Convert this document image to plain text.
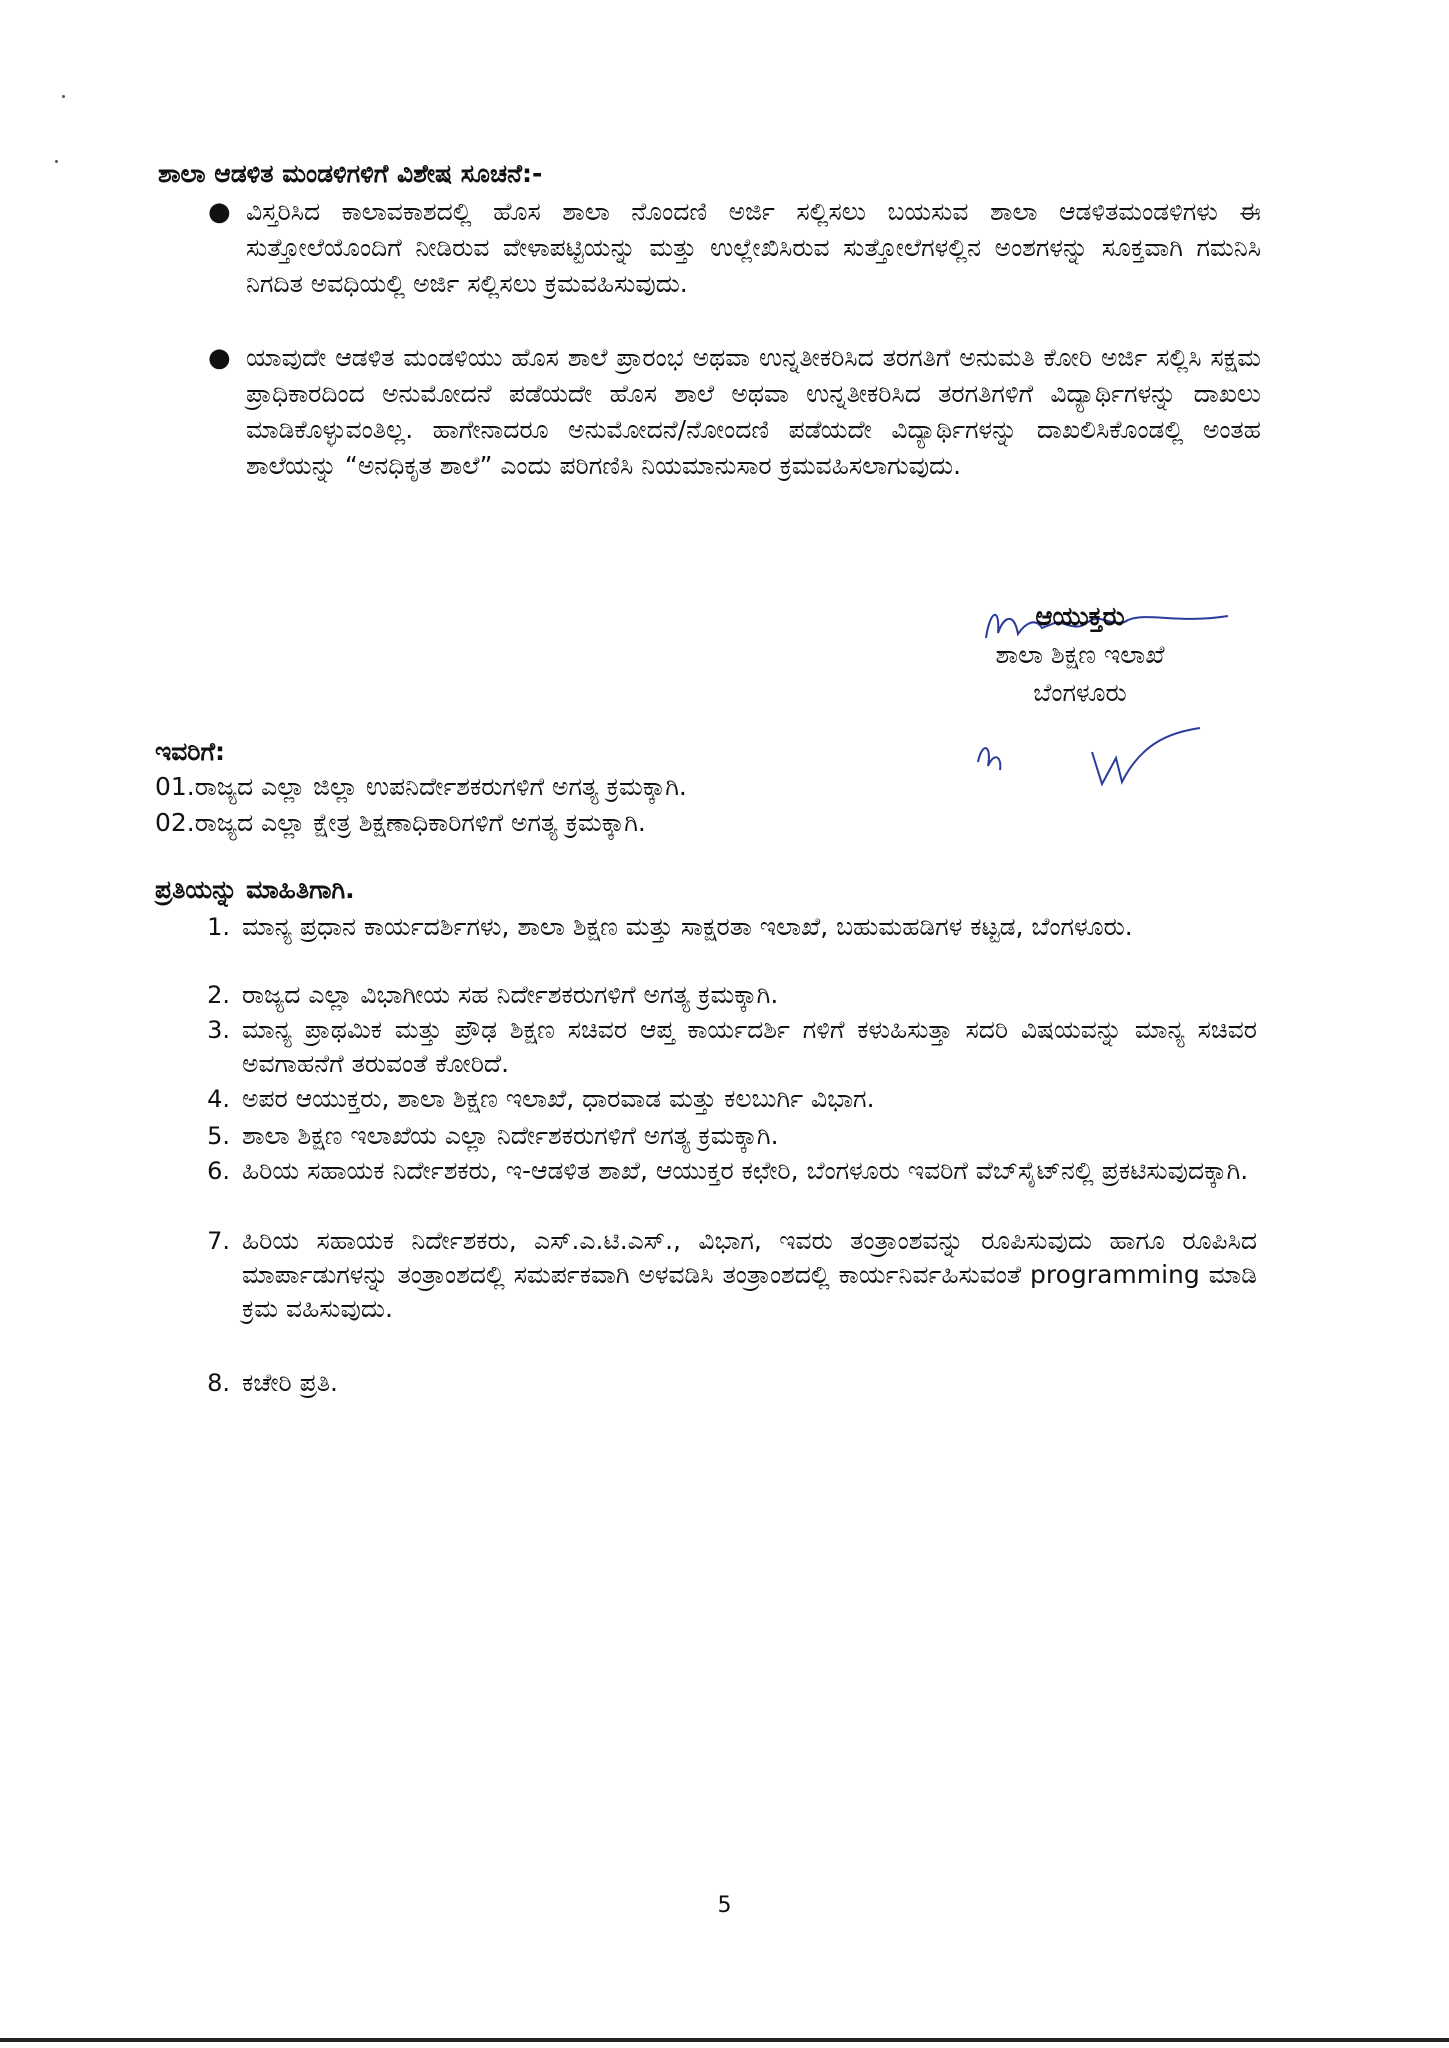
ಶಾಲಾ ಆಡಳಿತ ಮಂಡಳಿಗಳಿಗೆ ವಿಶೇಷ ಸೂಚನೆ:-
● ವಿಸ್ತರಿಸಿದ ಕಾಲಾವಕಾಶದಲ್ಲಿ ಹೊಸ ಶಾಲಾ ನೊಂದಣಿ ಅರ್ಜಿ ಸಲ್ಲಿಸಲು ಬಯಸುವ ಶಾಲಾ ಆಡಳಿತಮಂಡಳಿಗಳು ಈ ಸುತ್ತೋಲೆಯೊಂದಿಗೆ ನೀಡಿರುವ ವೇಳಾಪಟ್ಟಿಯನ್ನು ಮತ್ತು ಉಲ್ಲೇಖಿಸಿರುವ ಸುತ್ತೋಲೆಗಳಲ್ಲಿನ ಅಂಶಗಳನ್ನು ಸೂಕ್ತವಾಗಿ ಗಮನಿಸಿ ನಿಗದಿತ ಅವಧಿಯಲ್ಲಿ ಅರ್ಜಿ ಸಲ್ಲಿಸಲು ಕ್ರಮವಹಿಸುವುದು.
● ಯಾವುದೇ ಆಡಳಿತ ಮಂಡಳಿಯು ಹೊಸ ಶಾಲೆ ಪ್ರಾರಂಭ ಅಥವಾ ಉನ್ನತೀಕರಿಸಿದ ತರಗತಿಗೆ ಅನುಮತಿ ಕೋರಿ ಅರ್ಜಿ ಸಲ್ಲಿಸಿ ಸಕ್ಷಮ ಪ್ರಾಧಿಕಾರದಿಂದ ಅನುಮೋದನೆ ಪಡೆಯದೇ ಹೊಸ ಶಾಲೆ ಅಥವಾ ಉನ್ನತೀಕರಿಸಿದ ತರಗತಿಗಳಿಗೆ ವಿದ್ಯಾರ್ಥಿಗಳನ್ನು ದಾಖಲು ಮಾಡಿಕೊಳ್ಳುವಂತಿಲ್ಲ. ಹಾಗೇನಾದರೂ ಅನುಮೋದನೆ/ನೋಂದಣಿ ಪಡೆಯದೇ ವಿದ್ಯಾರ್ಥಿಗಳನ್ನು ದಾಖಲಿಸಿಕೊಂಡಲ್ಲಿ ಅಂತಹ ಶಾಲೆಯನ್ನು “ಅನಧಿಕೃತ ಶಾಲೆ” ಎಂದು ಪರಿಗಣಿಸಿ ನಿಯಮಾನುಸಾರ ಕ್ರಮವಹಿಸಲಾಗುವುದು.
ಆಯುಕ್ತರು
ಶಾಲಾ ಶಿಕ್ಷಣ ಇಲಾಖೆ
ಬೆಂಗಳೂರು
ಇವರಿಗೆ:
01.ರಾಜ್ಯದ ಎಲ್ಲಾ ಜಿಲ್ಲಾ ಉಪನಿರ್ದೇಶಕರುಗಳಿಗೆ ಅಗತ್ಯ ಕ್ರಮಕ್ಕಾಗಿ.
02.ರಾಜ್ಯದ ಎಲ್ಲಾ ಕ್ಷೇತ್ರ ಶಿಕ್ಷಣಾಧಿಕಾರಿಗಳಿಗೆ ಅಗತ್ಯ ಕ್ರಮಕ್ಕಾಗಿ.
ಪ್ರತಿಯನ್ನು ಮಾಹಿತಿಗಾಗಿ.
1. ಮಾನ್ಯ ಪ್ರಧಾನ ಕಾರ್ಯದರ್ಶಿಗಳು, ಶಾಲಾ ಶಿಕ್ಷಣ ಮತ್ತು ಸಾಕ್ಷರತಾ ಇಲಾಖೆ, ಬಹುಮಹಡಿಗಳ ಕಟ್ಟಡ, ಬೆಂಗಳೂರು.
2. ರಾಜ್ಯದ ಎಲ್ಲಾ ವಿಭಾಗೀಯ ಸಹ ನಿರ್ದೇಶಕರುಗಳಿಗೆ ಅಗತ್ಯ ಕ್ರಮಕ್ಕಾಗಿ.
3. ಮಾನ್ಯ ಪ್ರಾಥಮಿಕ ಮತ್ತು ಪ್ರೌಢ ಶಿಕ್ಷಣ ಸಚಿವರ ಆಪ್ತ ಕಾರ್ಯದರ್ಶಿ ಗಳಿಗೆ ಕಳುಹಿಸುತ್ತಾ ಸದರಿ ವಿಷಯವನ್ನು ಮಾನ್ಯ ಸಚಿವರ ಅವಗಾಹನೆಗೆ ತರುವಂತೆ ಕೋರಿದೆ.
4. ಅಪರ ಆಯುಕ್ತರು, ಶಾಲಾ ಶಿಕ್ಷಣ ಇಲಾಖೆ, ಧಾರವಾಡ ಮತ್ತು ಕಲಬುರ್ಗಿ ವಿಭಾಗ.
5. ಶಾಲಾ ಶಿಕ್ಷಣ ಇಲಾಖೆಯ ಎಲ್ಲಾ ನಿರ್ದೇಶಕರುಗಳಿಗೆ ಅಗತ್ಯ ಕ್ರಮಕ್ಕಾಗಿ.
6. ಹಿರಿಯ ಸಹಾಯಕ ನಿರ್ದೇಶಕರು, ಇ-ಆಡಳಿತ ಶಾಖೆ, ಆಯುಕ್ತರ ಕಛೇರಿ, ಬೆಂಗಳೂರು ಇವರಿಗೆ ವೆಬ್‌ಸೈಟ್‌ನಲ್ಲಿ ಪ್ರಕಟಿಸುವುದಕ್ಕಾಗಿ.
7. ಹಿರಿಯ ಸಹಾಯಕ ನಿರ್ದೇಶಕರು, ಎಸ್.ಎ.ಟಿ.ಎಸ್., ವಿಭಾಗ, ಇವರು ತಂತ್ರಾಂಶವನ್ನು ರೂಪಿಸುವುದು ಹಾಗೂ ರೂಪಿಸಿದ ಮಾರ್ಪಾಡುಗಳನ್ನು ತಂತ್ರಾಂಶದಲ್ಲಿ ಸಮರ್ಪಕವಾಗಿ ಅಳವಡಿಸಿ ತಂತ್ರಾಂಶದಲ್ಲಿ ಕಾರ್ಯನಿರ್ವಹಿಸುವಂತೆ programming ಮಾಡಿ ಕ್ರಮ ವಹಿಸುವುದು.
8. ಕಚೇರಿ ಪ್ರತಿ.
5
